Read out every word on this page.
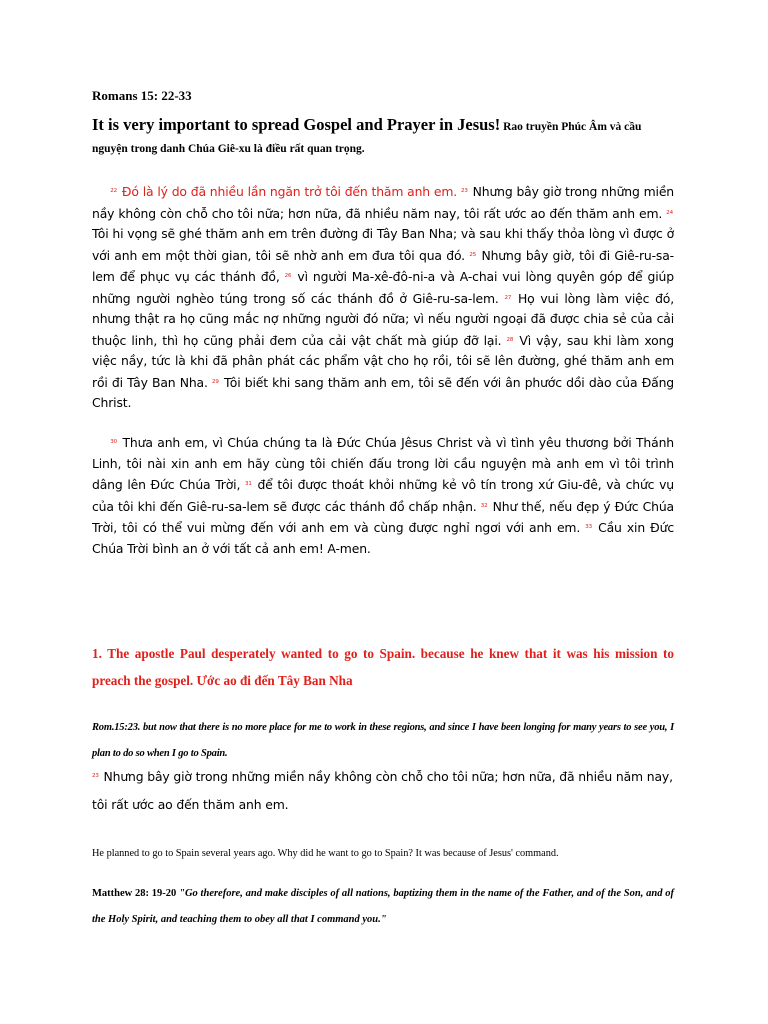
Romans 15: 22-33
It is very important to spread Gospel and Prayer in Jesus! Rao truyền Phúc Âm và cầu nguyện trong danh Chúa Giê-xu là điều rất quan trọng.
  $^{22}$ Đó là lý do đã nhiều lần ngăn trở tôi đến thăm anh em. $^{23}$ Nhưng bây giờ trong những miền nầy không còn chỗ cho tôi nữa; hơn nữa, đã nhiều năm nay, tôi rất ước ao đến thăm anh em. $^{24}$ Tôi hi vọng sẽ ghé thăm anh em trên đường đi Tây Ban Nha; và sau khi thấy thỏa lòng vì được ở với anh em một thời gian, tôi sẽ nhờ anh em đưa tôi qua đó. $^{25}$ Nhưng bây giờ, tôi đi Giê-ru-sa-lem để phục vụ các thánh đồ, $^{26}$ vì người Ma-xê-đô-ni-a và A-chai vui lòng quyên góp để giúp những người nghèo túng trong số các thánh đồ ở Giê-ru-sa-lem. $^{27}$ Họ vui lòng làm việc đó, nhưng thật ra họ cũng mắc nợ những người đó nữa; vì nếu người ngoại đã được chia sẻ của cải thuộc linh, thì họ cũng phải đem của cải vật chất mà giúp đỡ lại. $^{28}$ Vì vậy, sau khi làm xong việc nầy, tức là khi đã phân phát các phẩm vật cho họ rồi, tôi sẽ lên đường, ghé thăm anh em rồi đi Tây Ban Nha. $^{29}$ Tôi biết khi sang thăm anh em, tôi sẽ đến với ân phước dồi dào của Đấng Christ.
  $^{30}$ Thưa anh em, vì Chúa chúng ta là Đức Chúa Jêsus Christ và vì tình yêu thương bởi Thánh Linh, tôi nài xin anh em hãy cùng tôi chiến đấu trong lời cầu nguyện mà anh em vì tôi trình dâng lên Đức Chúa Trời, $^{31}$ để tôi được thoát khỏi những kẻ vô tín trong xứ Giu-đê, và chức vụ của tôi khi đến Giê-ru-sa-lem sẽ được các thánh đồ chấp nhận. $^{32}$ Như thế, nếu đẹp ý Đức Chúa Trời, tôi có thể vui mừng đến với anh em và cùng được nghỉ ngơi với anh em. $^{33}$ Cầu xin Đức Chúa Trời bình an ở với tất cả anh em! A-men.
1. The apostle Paul desperately wanted to go to Spain. because he knew that it was his mission to preach the gospel. Ước ao đi đến Tây Ban Nha
Rom.15:23. but now that there is no more place for me to work in these regions, and since I have been longing for many years to see you, I plan to do so when I go to Spain.
$^{23}$ Nhưng bây giờ trong những miền nầy không còn chỗ cho tôi nữa; hơn nữa, đã nhiều năm nay, tôi rất ước ao đến thăm anh em.
He planned to go to Spain several years ago. Why did he want to go to Spain? It was because of Jesus' command.
Matthew 28: 19-20 "Go therefore, and make disciples of all nations, baptizing them in the name of the Father, and of the Son, and of the Holy Spirit, and teaching them to obey all that I command you."
